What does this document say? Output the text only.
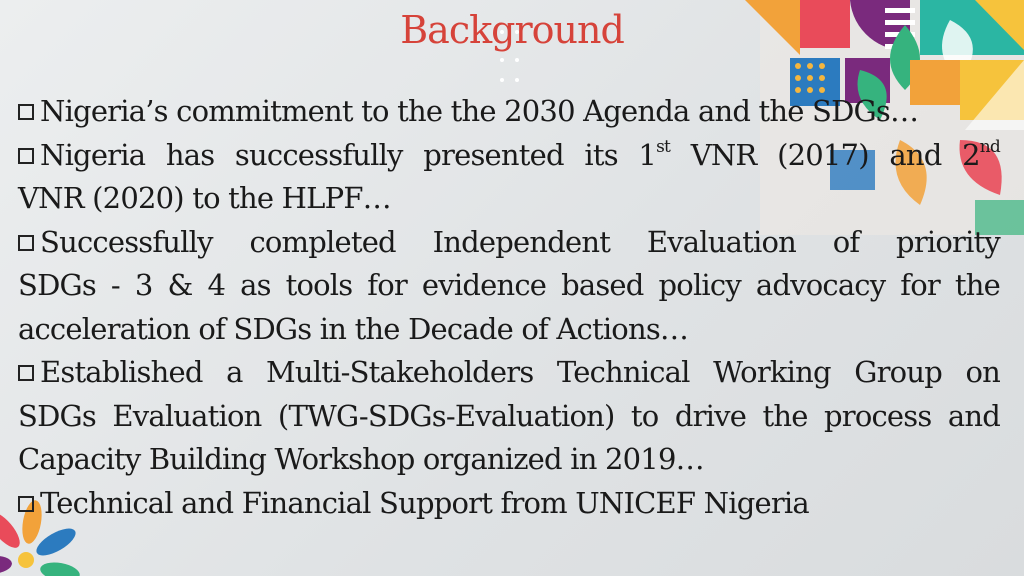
Background

Nigeria’s commitment to the the 2030 Agenda and the SDGs…

Nigeria has successfully presented its 1st VNR (2017) and 2nd

VNR (2020) to the HLPF…

Successfully completed Independent Evaluation of priority

SDGs - 3 & 4 as tools for evidence based policy advocacy for the

acceleration of SDGs in the Decade of Actions…

Established a Multi-Stakeholders Technical Working Group on

SDGs Evaluation (TWG-SDGs-Evaluation) to drive the process and

Capacity Building Workshop organized in 2019…

Technical and Financial Support from UNICEF Nigeria
